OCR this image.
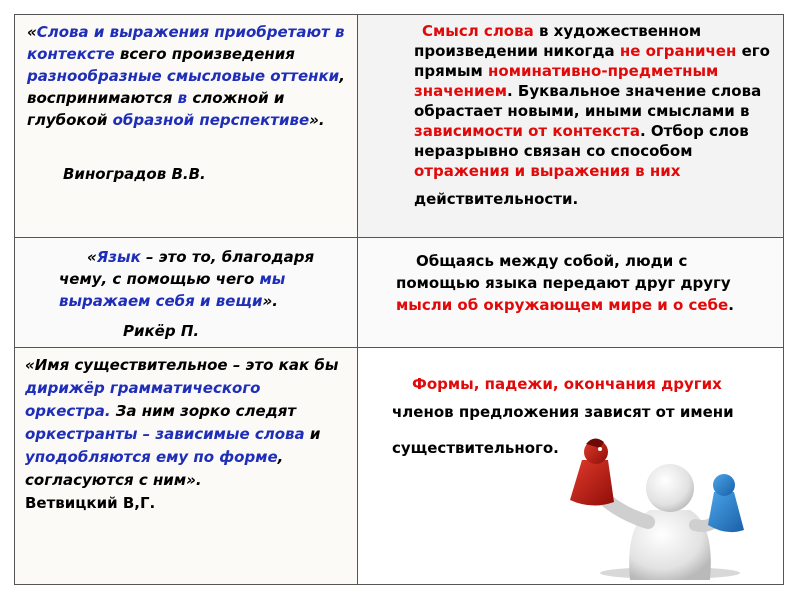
«Слова и выражения приобретают в контексте всего произведения разнообразные смысловые оттенки, воспринимаются в сложной и глубокой образной перспективе».

Виноградов В.В.

Смысл слова в художественном произведении никогда не ограничен его прямым номинативно-предметным значением. Буквальное значение слова обрастает новыми, иными смыслами в зависимости от контекста. Отбор слов неразрывно связан со способом отражения и выражения в них

действительности.

«Язык – это то, благодаря чему, с помощью чего мы выражаем себя и вещи».

Рикёр П.

Общаясь между собой, люди с помощью языка передают друг другу мысли об окружающем мире и о себе.

«Имя существительное – это как бы дирижёр грамматического оркестра. За ним зорко следят оркестранты – зависимые слова и уподобляются ему по форме, согласуются с ним».

Ветвицкий В,Г.

Формы, падежи, окончания других

членов предложения зависят от имени

существительного.
